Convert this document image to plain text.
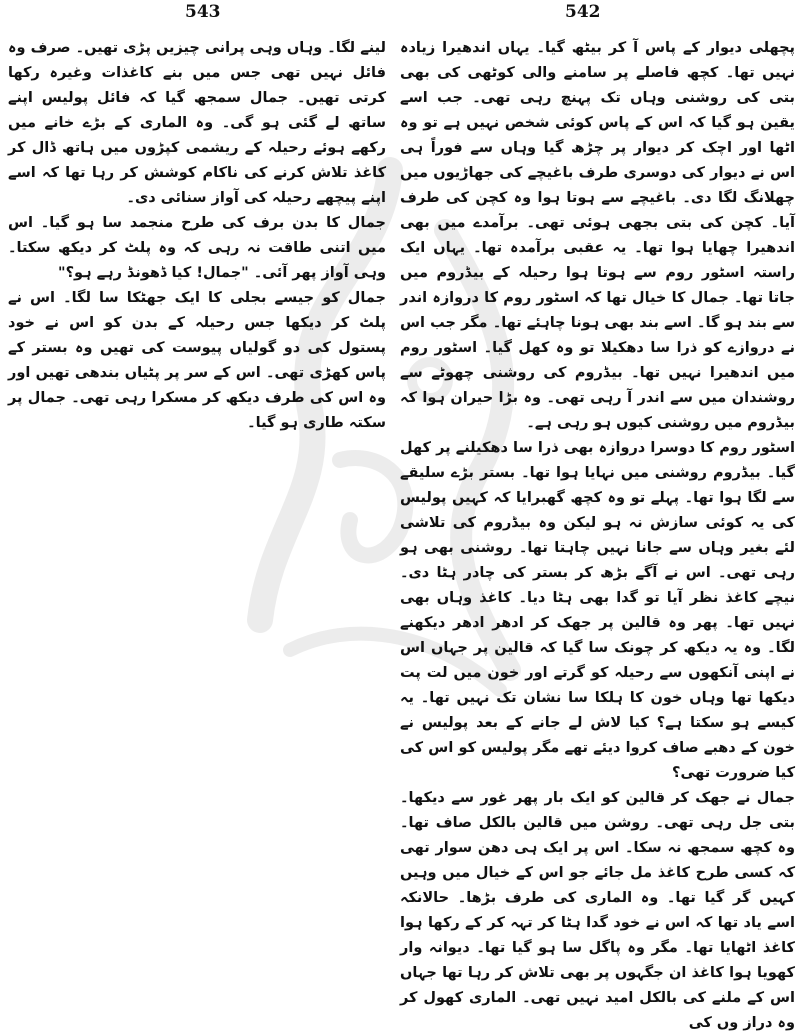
543	542

لینے لگا۔ وہاں وہی پرانی چیزیں پڑی تھیں۔ صرف وہ فائل نہیں تھی جس میں بنے کاغذات وغیرہ رکھا کرتی تھیں۔ جمال سمجھ گیا کہ فائل پولیس اپنے ساتھ لے گئی ہو گی۔ وہ الماری کے بڑے خانے میں رکھے ہوئے رحیلہ کے ریشمی کپڑوں میں ہاتھ ڈال کر کاغذ تلاش کرنے کی ناکام کوشش کر رہا تھا کہ اسے اپنے پیچھے رحیلہ کی آواز سنائی دی۔

جمال کا بدن برف کی طرح منجمد سا ہو گیا۔ اس میں اتنی طاقت نہ رہی کہ وہ پلٹ کر دیکھ سکتا۔ وہی آواز پھر آئی۔ "جمال! کیا ڈھونڈ رہے ہو؟"

جمال کو جیسے بجلی کا ایک جھٹکا سا لگا۔ اس نے پلٹ کر دیکھا جس رحیلہ کے بدن کو اس نے خود پستول کی دو گولیاں پیوست کی تھیں وہ بستر کے پاس کھڑی تھی۔ اس کے سر پر پٹیاں بندھی تھیں اور وہ اس کی طرف دیکھ کر مسکرا رہی تھی۔ جمال پر سکتہ طاری ہو گیا۔

پچھلی دیوار کے پاس آ کر بیٹھ گیا۔ یہاں اندھیرا زیادہ نہیں تھا۔ کچھ فاصلے پر سامنے والی کوٹھی کی بھی بتی کی روشنی وہاں تک پہنچ رہی تھی۔ جب اسے یقین ہو گیا کہ اس کے پاس کوئی شخص نہیں ہے تو وہ اٹھا اور اچک کر دیوار پر چڑھ گیا وہاں سے فوراً ہی اس نے دیوار کی دوسری طرف باغیچے کی جھاڑیوں میں چھلانگ لگا دی۔ باغیچے سے ہوتا ہوا وہ کچن کی طرف آیا۔ کچن کی بتی بجھی ہوئی تھی۔ برآمدے میں بھی اندھیرا چھایا ہوا تھا۔ یہ عقبی برآمدہ تھا۔ یہاں ایک راستہ اسٹور روم سے ہوتا ہوا رحیلہ کے بیڈروم میں جاتا تھا۔ جمال کا خیال تھا کہ اسٹور روم کا دروازہ اندر سے بند ہو گا۔ اسے بند بھی ہونا چاہئے تھا۔ مگر جب اس نے دروازے کو ذرا سا دھکیلا تو وہ کھل گیا۔ اسٹور روم میں اندھیرا نہیں تھا۔ بیڈروم کی روشنی چھوٹے سے روشندان میں سے اندر آ رہی تھی۔ وہ بڑا حیران ہوا کہ بیڈروم میں روشنی کیوں ہو رہی ہے۔

اسٹور روم کا دوسرا دروازہ بھی ذرا سا دھکیلنے پر کھل گیا۔ بیڈروم روشنی میں نہایا ہوا تھا۔ بستر بڑے سلیقے سے لگا ہوا تھا۔ پہلے تو وہ کچھ گھبرایا کہ کہیں پولیس کی یہ کوئی سازش نہ ہو لیکن وہ بیڈروم کی تلاشی لئے بغیر وہاں سے جانا نہیں چاہتا تھا۔ روشنی بھی ہو رہی تھی۔ اس نے آگے بڑھ کر بستر کی چادر ہٹا دی۔ نیچے کاغذ نظر آیا تو گدا بھی ہٹا دیا۔ کاغذ وہاں بھی نہیں تھا۔ پھر وہ قالین پر جھک کر ادھر ادھر دیکھنے لگا۔ وہ یہ دیکھ کر چونک سا گیا کہ قالین پر جہاں اس نے اپنی آنکھوں سے رحیلہ کو گرتے اور خون میں لت پت دیکھا تھا وہاں خون کا ہلکا سا نشان تک نہیں تھا۔ یہ کیسے ہو سکتا ہے؟ کیا لاش لے جانے کے بعد پولیس نے خون کے دھبے صاف کروا دیئے تھے مگر پولیس کو اس کی کیا ضرورت تھی؟

جمال نے جھک کر قالین کو ایک بار پھر غور سے دیکھا۔ بتی جل رہی تھی۔ روشن میں قالین بالکل صاف تھا۔ وہ کچھ سمجھ نہ سکا۔ اس پر ایک ہی دھن سوار تھی کہ کسی طرح کاغذ مل جائے جو اس کے خیال میں وہیں کہیں گر گیا تھا۔ وہ الماری کی طرف بڑھا۔ حالانکہ اسے یاد تھا کہ اس نے خود گدا ہٹا کر تہہ کر کے رکھا ہوا کاغذ اٹھایا تھا۔ مگر وہ پاگل سا ہو گیا تھا۔ دیوانہ وار کھویا ہوا کاغذ ان جگہوں پر بھی تلاش کر رہا تھا جہاں اس کے ملنے کی بالکل امید نہیں تھی۔ الماری کھول کر وہ دراز وں کی
